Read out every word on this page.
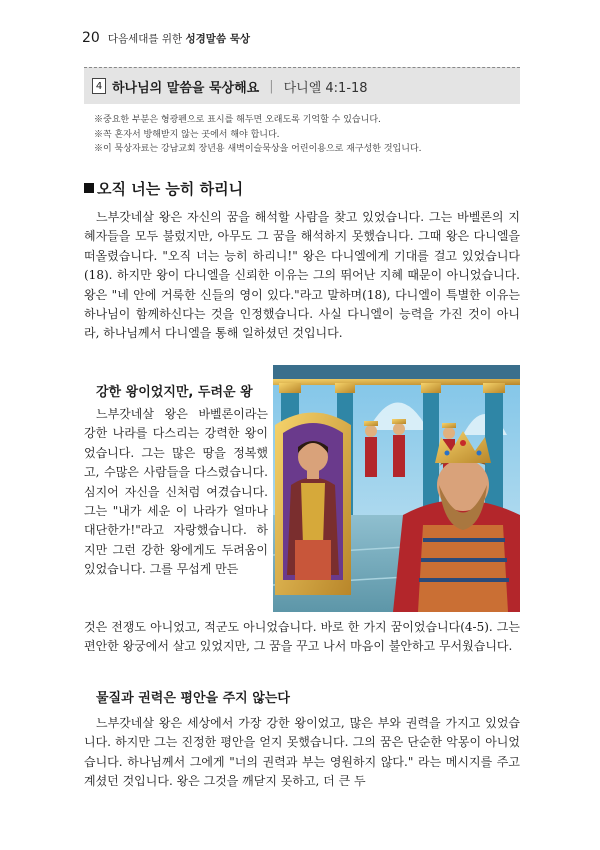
20 다음세대를 위한 성경말씀 묵상
4 하나님의 말씀을 묵상해요 | 다니엘 4:1-18
※중요한 부분은 형광펜으로 표시를 해두면 오래도록 기억할 수 있습니다.
※꼭 혼자서 방해받지 않는 곳에서 해야 합니다.
※이 묵상자료는 강남교회 장년용 새벽이슬묵상을 어린이용으로 재구성한 것입니다.
오직 너는 능히 하리니
느부갓네살 왕은 자신의 꿈을 해석할 사람을 찾고 있었습니다. 그는 바벨론의 지혜자들을 모두 불렀지만, 아무도 그 꿈을 해석하지 못했습니다. 그때 왕은 다니엘을 떠올렸습니다. "오직 너는 능히 하리니!" 왕은 다니엘에게 기대를 걸고 있었습니다(18). 하지만 왕이 다니엘을 신뢰한 이유는 그의 뛰어난 지혜 때문이 아니었습니다. 왕은 "네 안에 거룩한 신들의 영이 있다."라고 말하며(18), 다니엘이 특별한 이유는 하나님이 함께하신다는 것을 인정했습니다. 사실 다니엘이 능력을 가진 것이 아니라, 하나님께서 다니엘을 통해 일하셨던 것입니다.
강한 왕이었지만, 두려운 왕
느부갓네살 왕은 바벨론이라는 강한 나라를 다스리는 강력한 왕이었습니다. 그는 많은 땅을 정복했고, 수많은 사람들을 다스렸습니다. 심지어 자신을 신처럼 여겼습니다. 그는 "내가 세운 이 나라가 얼마나 대단한가!"라고 자랑했습니다. 하지만 그런 강한 왕에게도 두려움이 있었습니다. 그를 무섭게 만든
것은 전쟁도 아니었고, 적군도 아니었습니다. 바로 한 가지 꿈이었습니다(4-5). 그는 편안한 왕궁에서 살고 있었지만, 그 꿈을 꾸고 나서 마음이 불안하고 무서웠습니다.
물질과 권력은 평안을 주지 않는다
느부갓네살 왕은 세상에서 가장 강한 왕이었고, 많은 부와 권력을 가지고 있었습니다. 하지만 그는 진정한 평안을 얻지 못했습니다. 그의 꿈은 단순한 악몽이 아니었습니다. 하나님께서 그에게 "너의 권력과 부는 영원하지 않다." 라는 메시지를 주고 계셨던 것입니다. 왕은 그것을 깨닫지 못하고, 더 큰 두
